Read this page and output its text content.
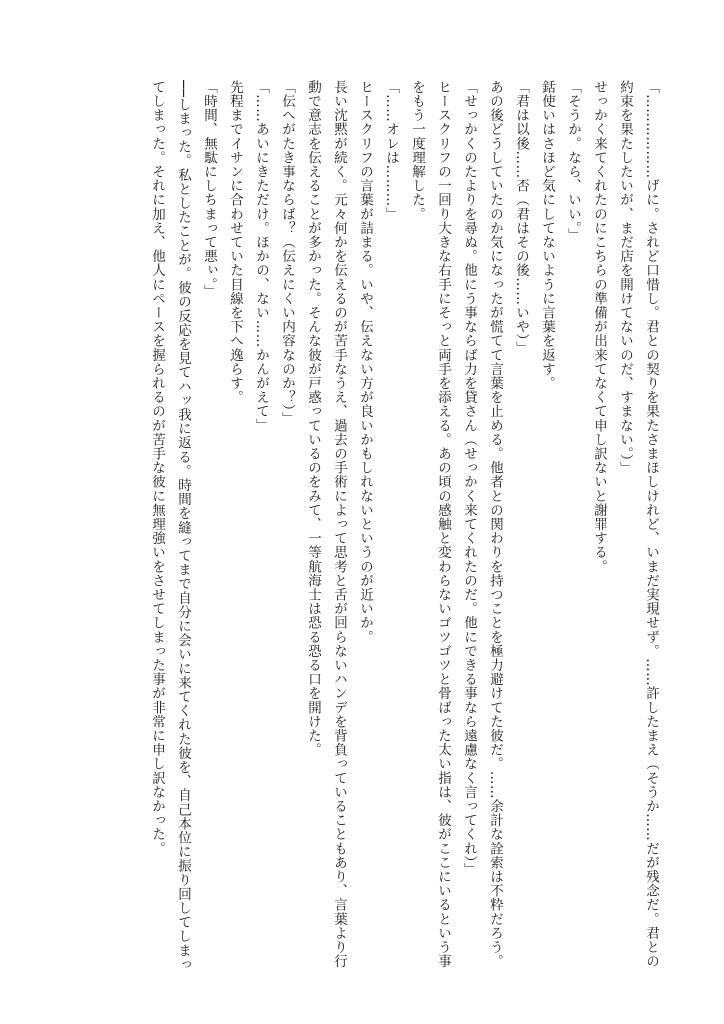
「………………げに。されど口惜し。君との契りを果たさまほしけれど、いまだ実現せず。……許したまえ（そうか……だが残念だ。君との約束を果たしたいが、まだ店を開けてないのだ、すまない。）」

せっかく来てくれたのにこちらの準備が出来てなくて申し訳ないと謝罪する。

「そうか。なら、いい。」

銛使いはさほど気にしてないように言葉を返す。

「君は以後……否（君はその後……いや）」

あの後どうしていたのか気になったが慌てて言葉を止める。他者との関わりを持つことを極力避けてた彼だ。……余計な詮索は不粋だろう。

「せっかくのたよりを尋ぬ。他にう事ならば力を貸さん（せっかく来てくれたのだ。他にできる事なら遠慮なく言ってくれ）」

ヒースクリフの一回り大きな右手にそっと両手を添える。あの頃の感触と変わらないゴツゴツと骨ばった太い指は、彼がここにいるという事をもう一度理解した。

「……オレは………」

ヒースクリフの言葉が詰まる。いや、伝えない方が良いかもしれないというのが近いか。

長い沈黙が続く。元々何かを伝えるのが苦手なうえ、過去の手術によって思考と舌が回らないハンデを背負っていることもあり、言葉より行動で意志を伝えることが多かった。そんな彼が戸惑っているのをみて、一等航海士は恐る恐る口を開けた。

「伝へがたき事ならば？（伝えにくい内容なのか？）」

「……あいにきただけ。ほかの、ない……かんがえて」

先程までイサンに合わせていた目線を下へ逸らす。

「時間、無駄にしちまって悪ぃ。」

──しまった。私としたことが。彼の反応を見てハッ我に返る。時間を縫ってまで自分に会いに来てくれた彼を、自己本位に振り回してしまってしまった。それに加え、他人にペースを握られるのが苦手な彼に無理強いをさせてしまった事が非常に申し訳なかった。
